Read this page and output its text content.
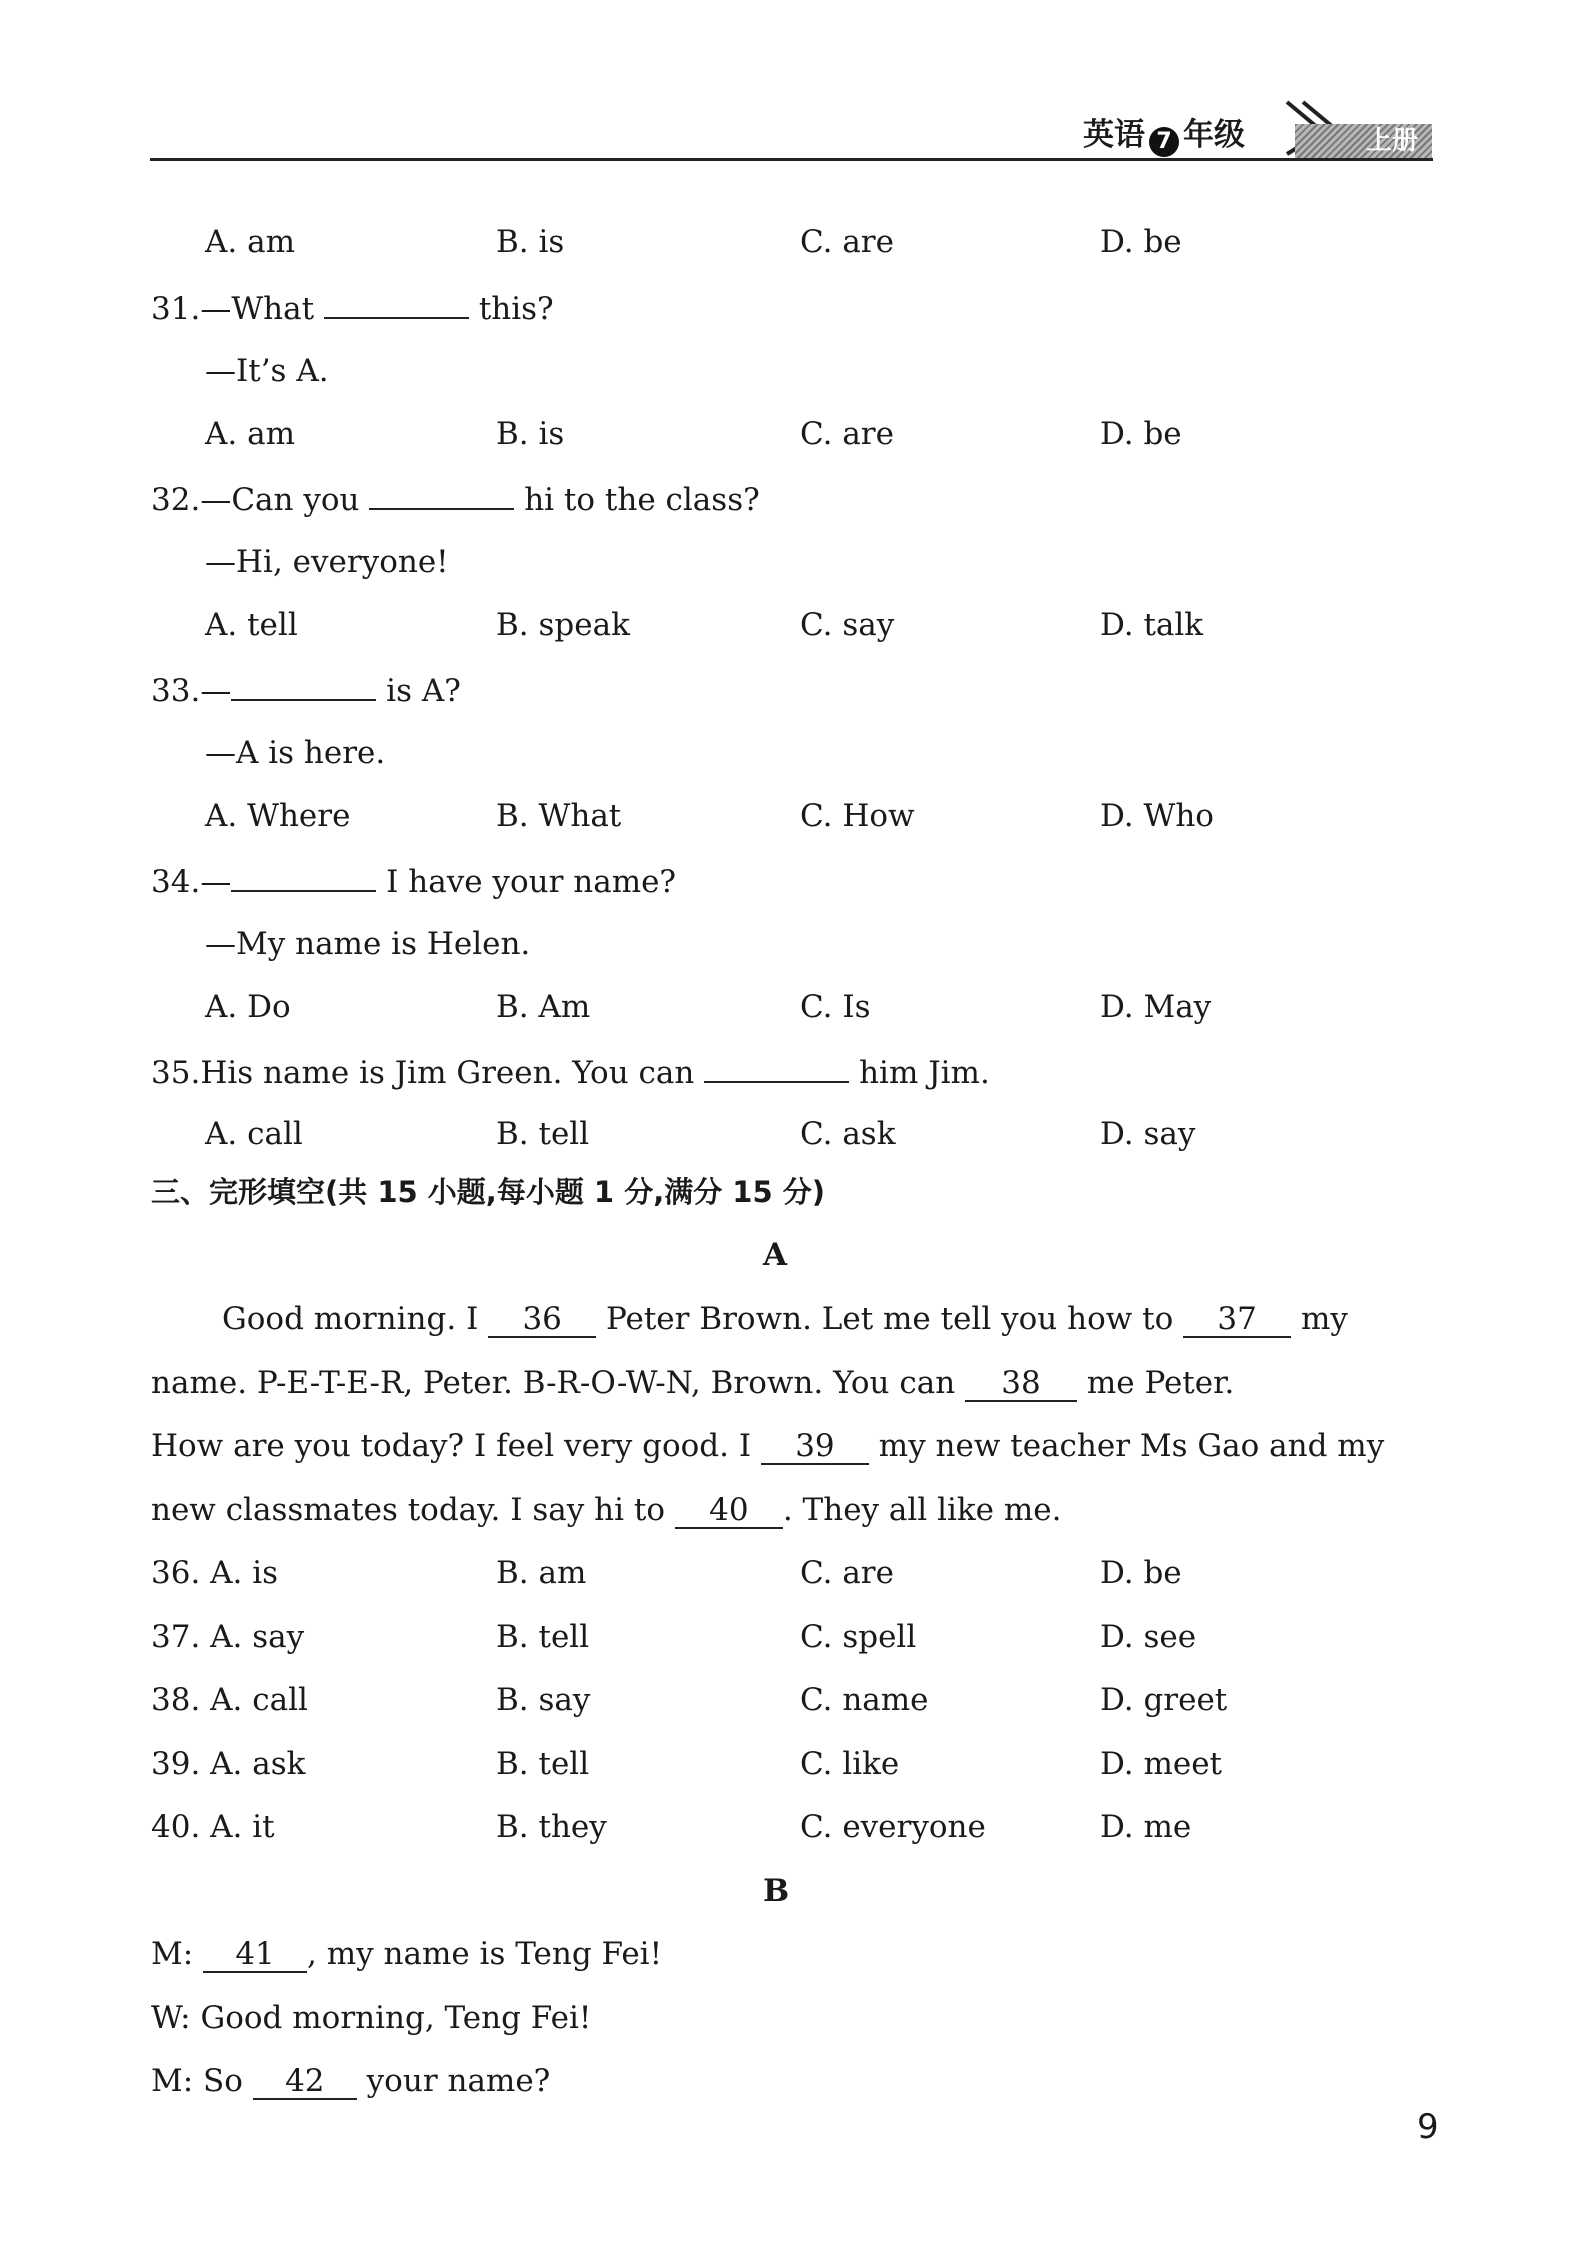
英语 7 年级	上册
A. am	B. is	C. are	D. be
31.—What	this?
—It’s A.
A. am	B. is	C. are	D. be
32.—Can you	hi to the class?
—Hi, everyone!
A. tell	B. speak	C. say	D. talk
33.—	is A?
—A is here.
A. Where	B. What	C. How	D. Who
34.—	I have your name?
—My name is Helen.
A. Do	B. Am	C. Is	D. May
35.His name is Jim Green. You can	him Jim.
A. call	B. tell	C. ask	D. say
三、完形填空(共 15 小题,每小题 1 分,满分 15 分)
A
Good morning. I 36 Peter Brown. Let me tell you how to 37 my
name. P-E-T-E-R, Peter. B-R-O-W-N, Brown. You can 38 me Peter.
How are you today? I feel very good. I 39 my new teacher Ms Gao and my
new classmates today. I say hi to 40 . They all like me.
36. A. is	B. am	C. are	D. be
37. A. say	B. tell	C. spell	D. see
38. A. call	B. say	C. name	D. greet
39. A. ask	B. tell	C. like	D. meet
40. A. it	B. they	C. everyone	D. me
B
M: 41 , my name is Teng Fei!
W: Good morning, Teng Fei!
M: So 42 your name?
9
